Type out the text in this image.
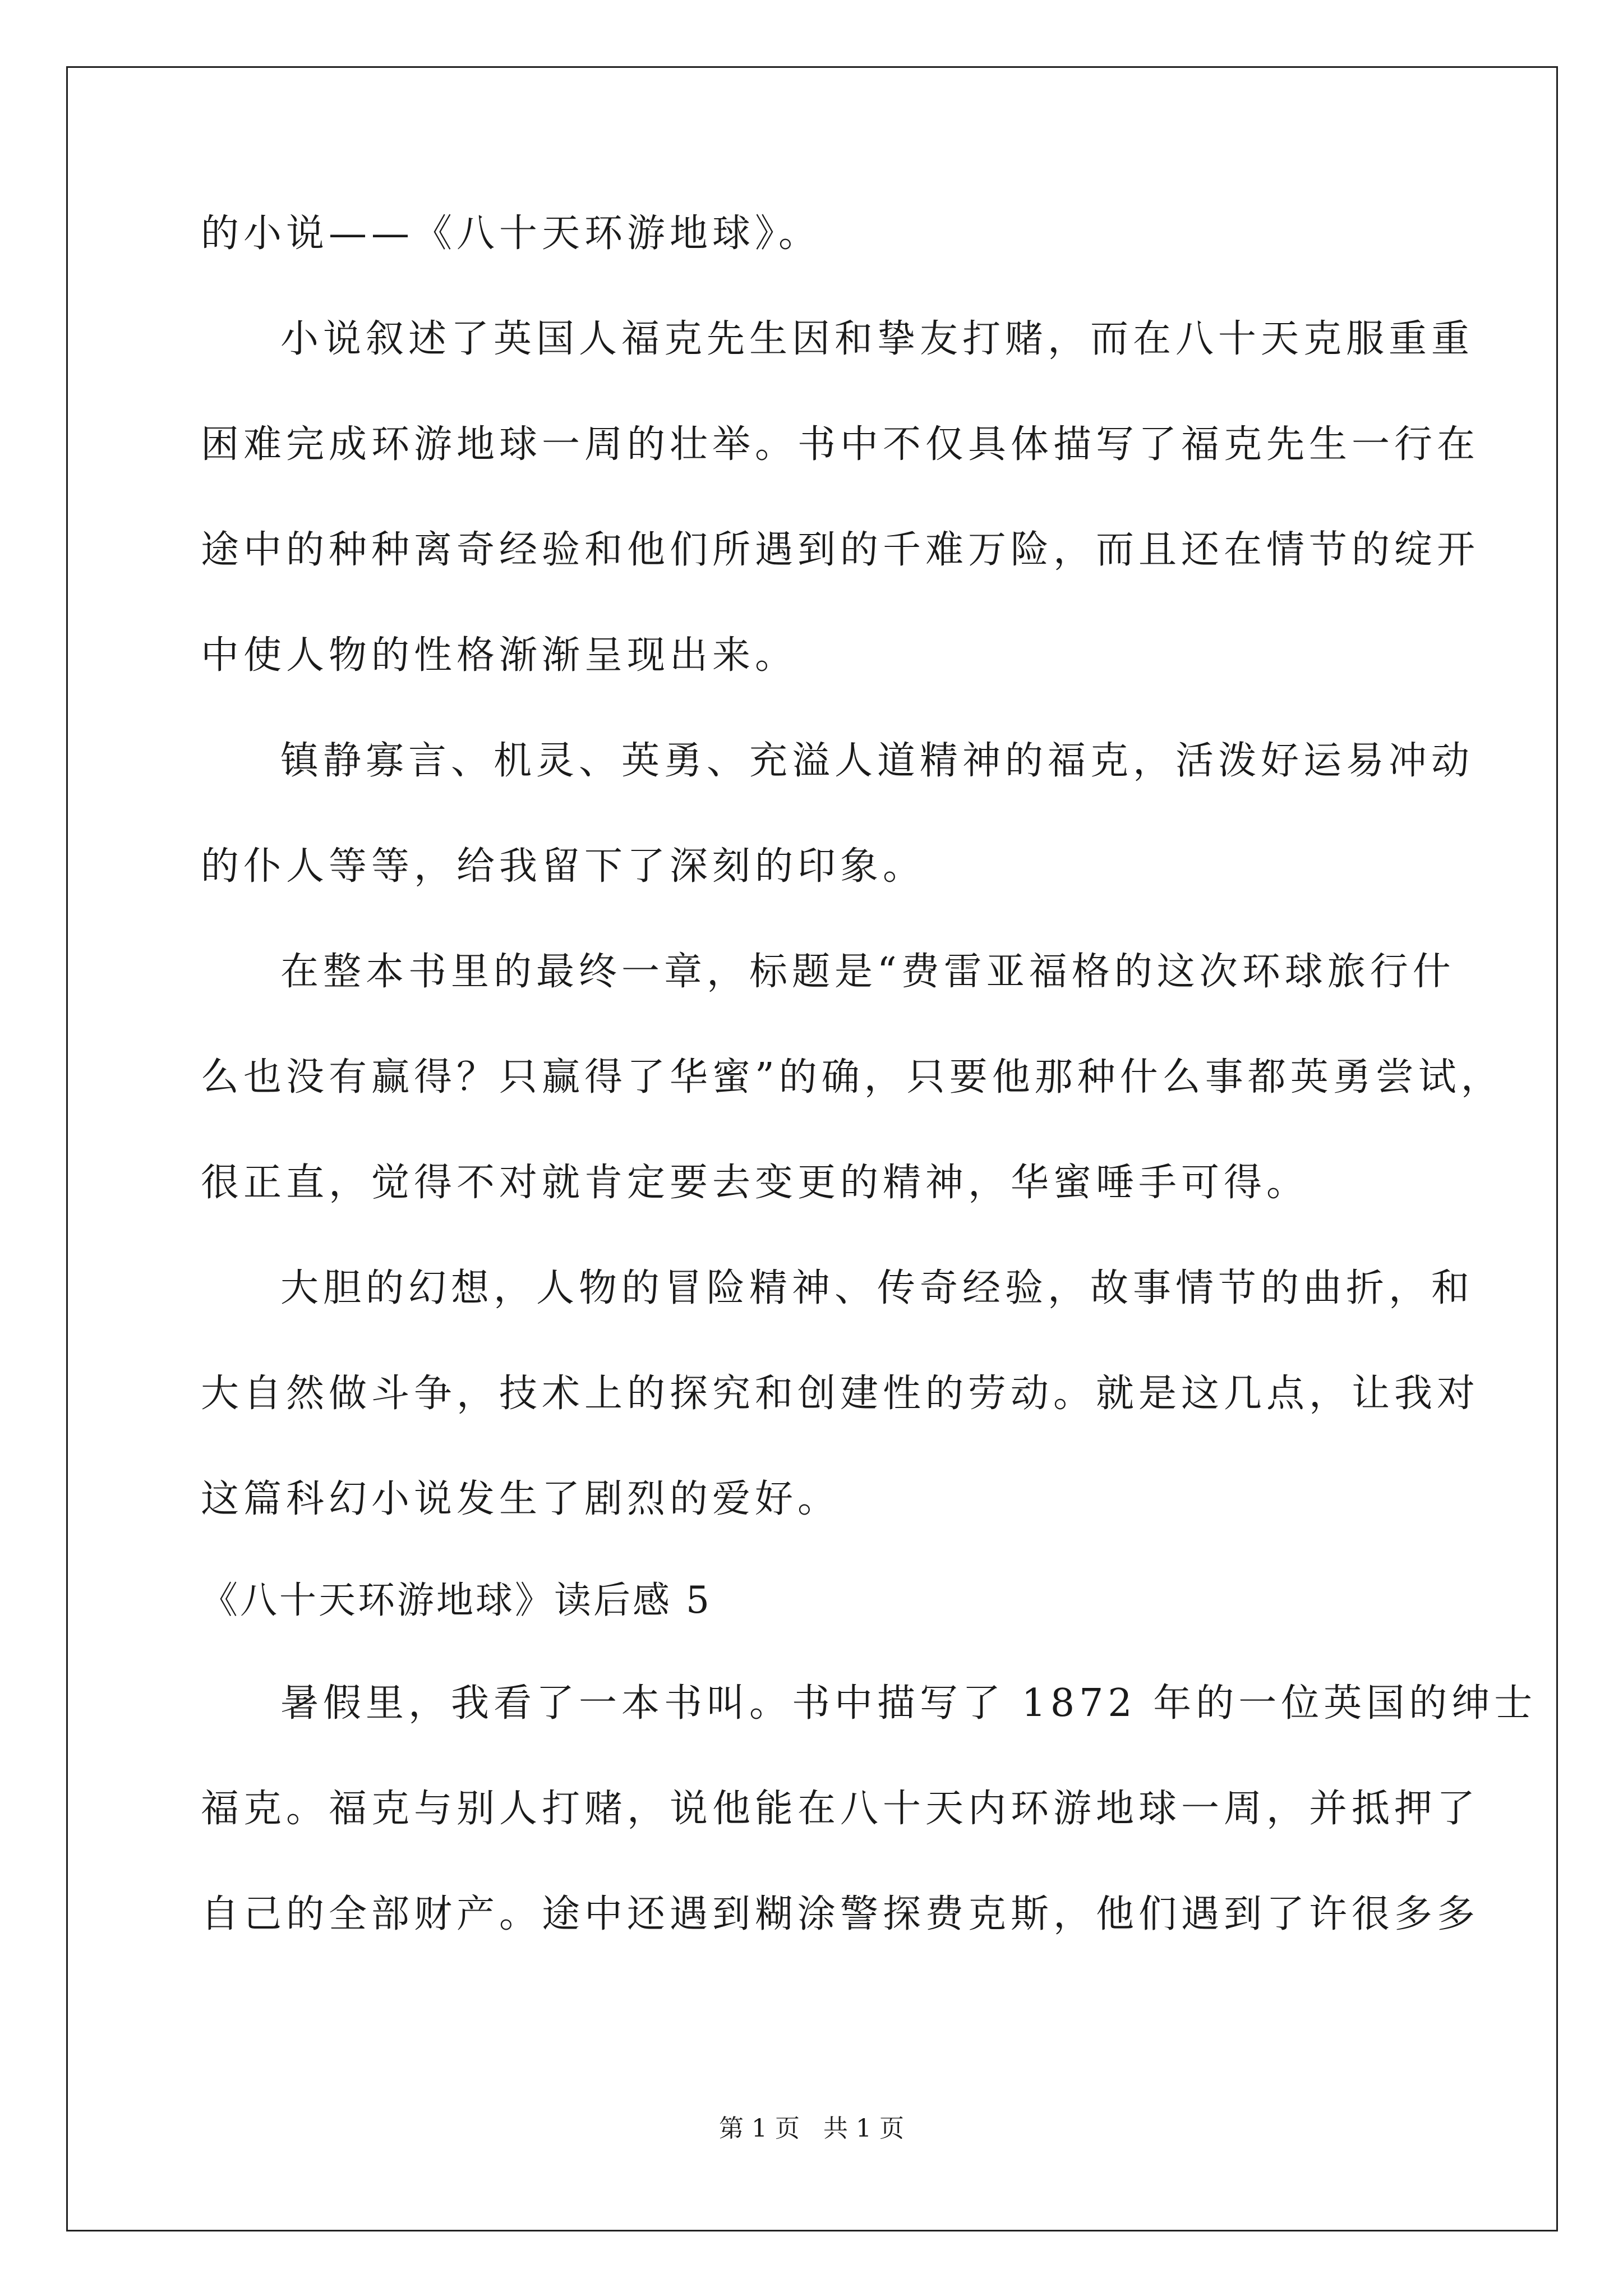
的小说——《八十天环游地球》。
小说叙述了英国人福克先生因和挚友打赌，而在八十天克服重重
困难完成环游地球一周的壮举。书中不仅具体描写了福克先生一行在
途中的种种离奇经验和他们所遇到的千难万险，而且还在情节的绽开
中使人物的性格渐渐呈现出来。
镇静寡言、机灵、英勇、充溢人道精神的福克，活泼好运易冲动
的仆人等等，给我留下了深刻的印象。
在整本书里的最终一章，标题是“费雷亚福格的这次环球旅行什
么也没有赢得？只赢得了华蜜”的确，只要他那种什么事都英勇尝试，
很正直，觉得不对就肯定要去变更的精神，华蜜唾手可得。
大胆的幻想，人物的冒险精神、传奇经验，故事情节的曲折，和
大自然做斗争，技术上的探究和创建性的劳动。就是这几点，让我对
这篇科幻小说发生了剧烈的爱好。
《八十天环游地球》读后感 5
暑假里，我看了一本书叫。书中描写了 1872 年的一位英国的绅士
福克。福克与别人打赌，说他能在八十天内环游地球一周，并抵押了
自己的全部财产。途中还遇到糊涂警探费克斯，他们遇到了许很多多
第 1 页 共 1 页
